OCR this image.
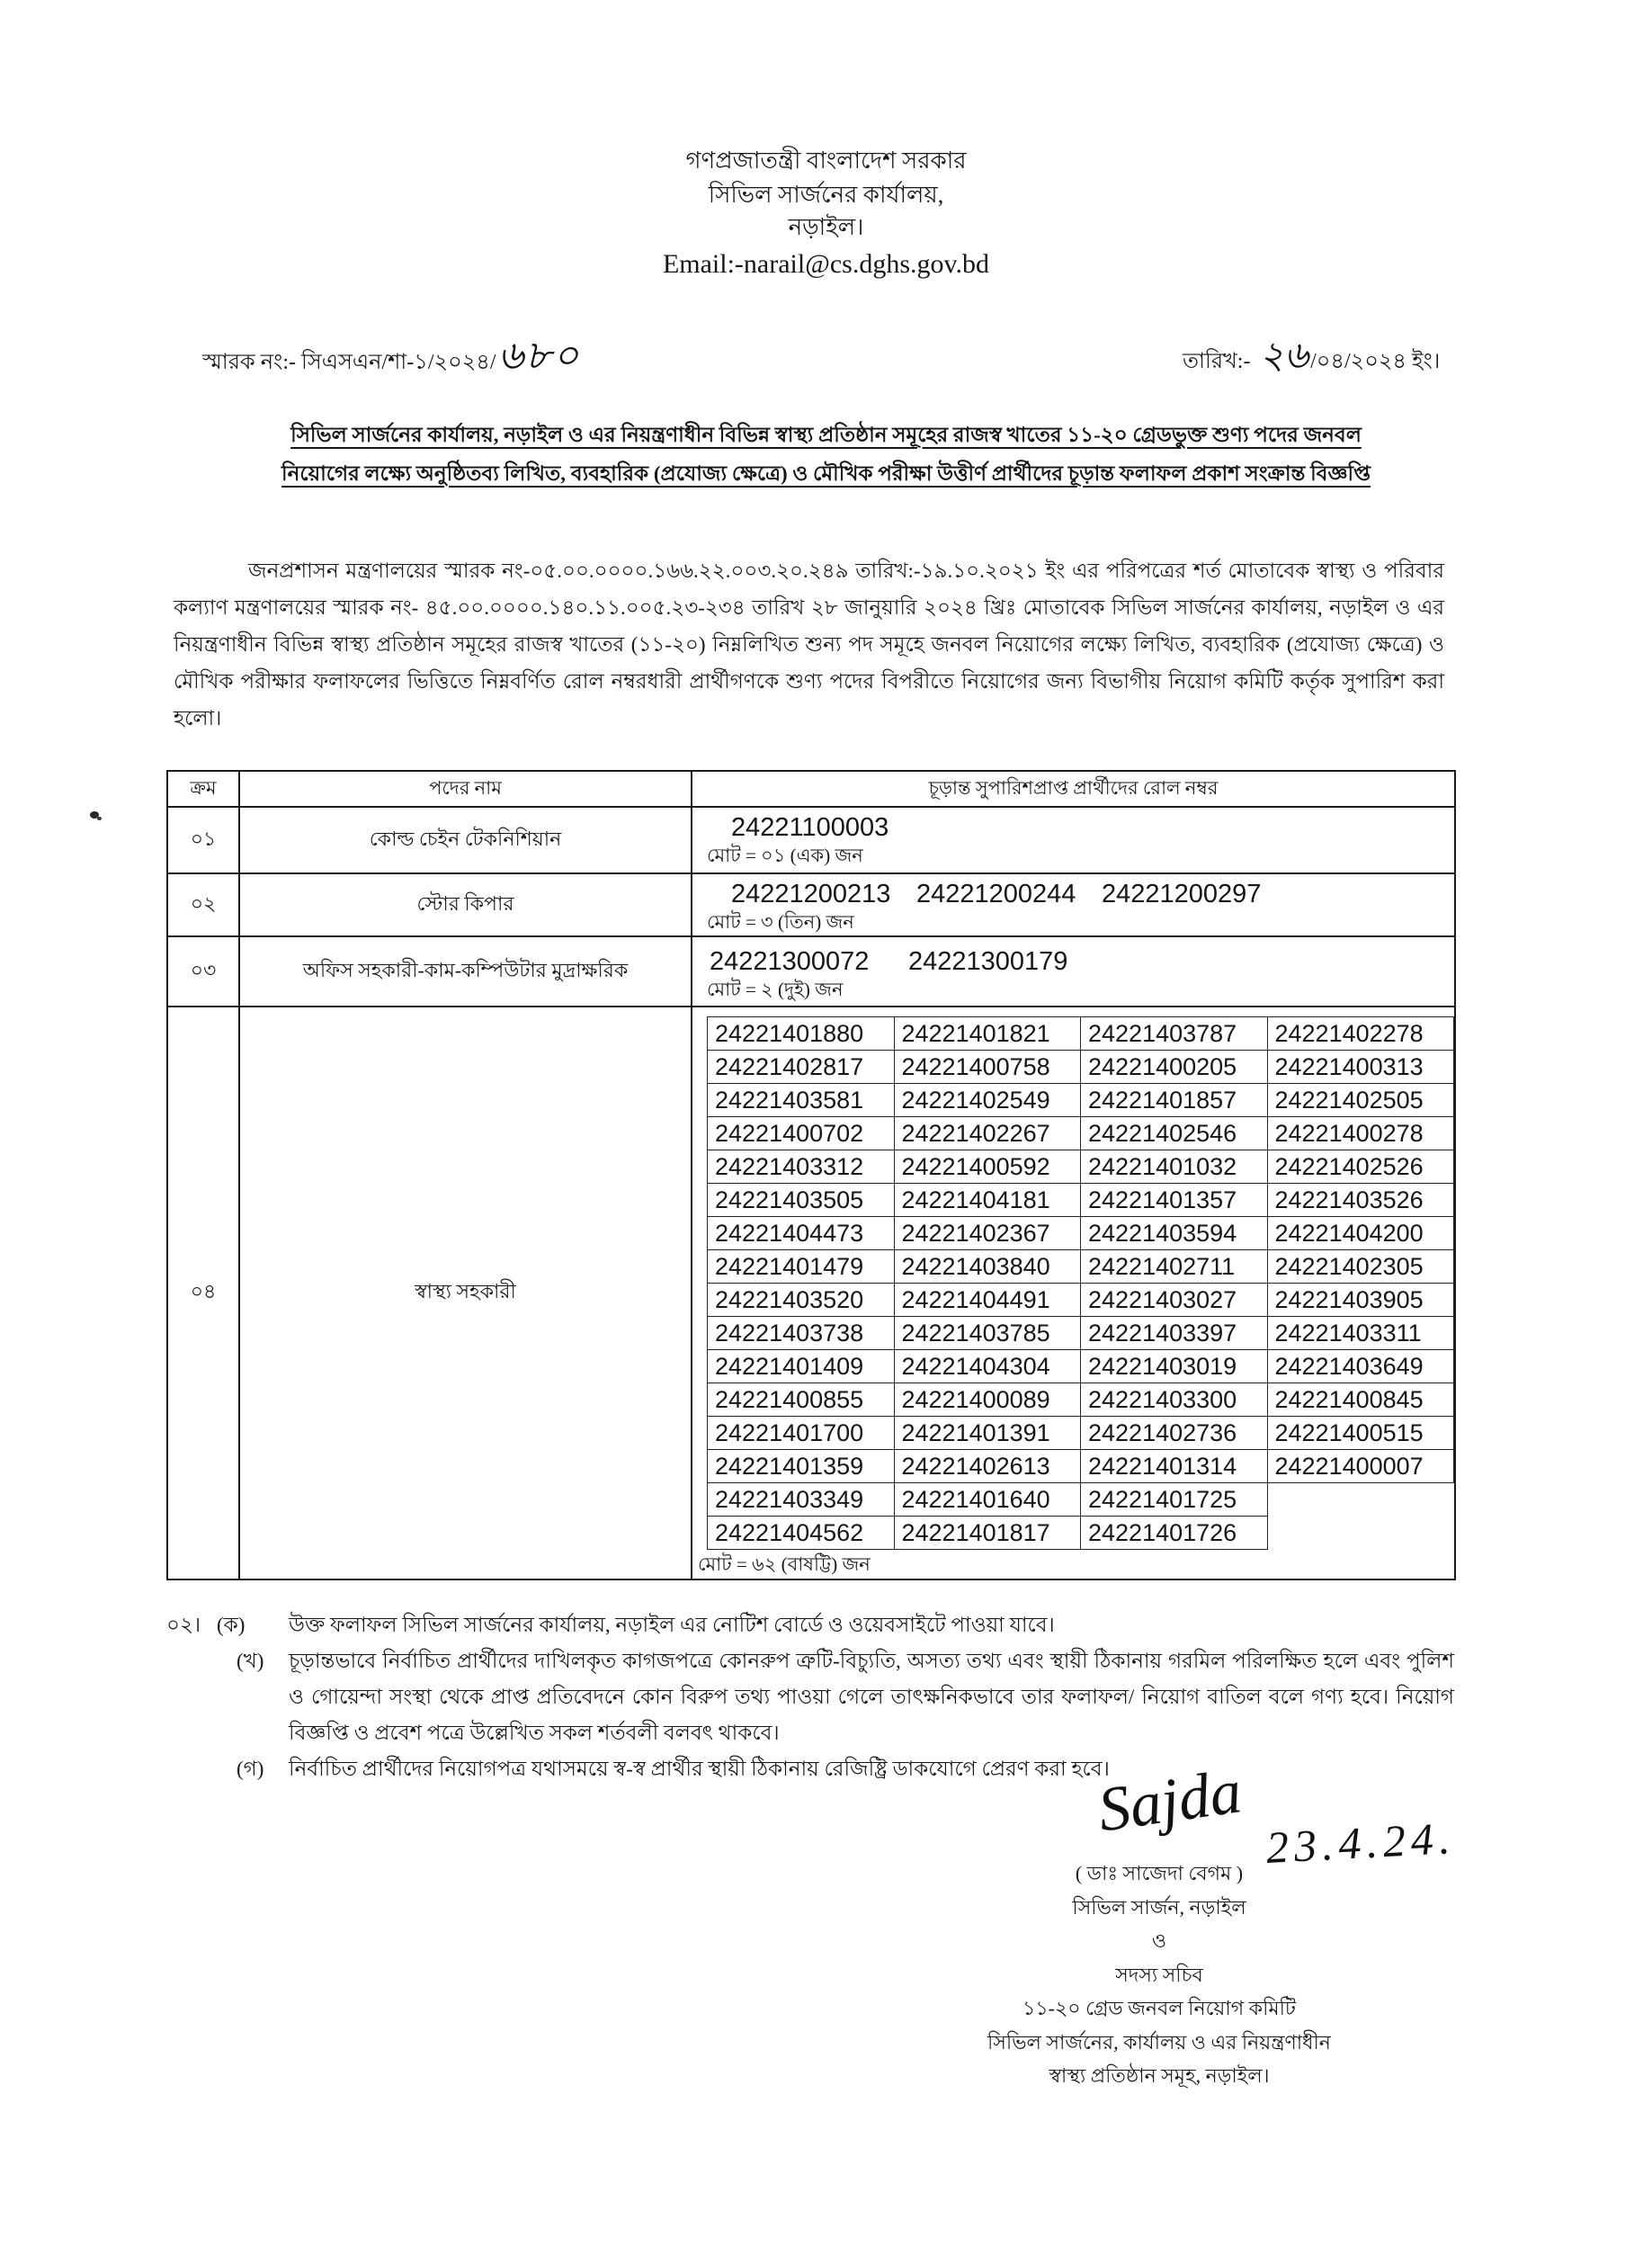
গণপ্রজাতন্ত্রী বাংলাদেশ সরকার
সিভিল সার্জনের কার্যালয়,
নড়াইল।
Email:-narail@cs.dghs.gov.bd
স্মারক নং:- সিএসএন/শা-১/২০২৪/ ৬৮০	তারিখ:- ২৬ /০৪/২০২৪ ইং।
সিভিল সার্জনের কার্যালয়, নড়াইল ও এর নিয়ন্ত্রণাধীন বিভিন্ন স্বাস্থ্য প্রতিষ্ঠান সমূহের রাজস্ব খাতের ১১-২০ গ্রেডভুক্ত শুণ্য পদের জনবল
নিয়োগের লক্ষ্যে অনুষ্ঠিতব্য লিখিত, ব্যবহারিক (প্রযোজ্য ক্ষেত্রে) ও মৌখিক পরীক্ষা উত্তীর্ণ প্রার্থীদের চূড়ান্ত ফলাফল প্রকাশ সংক্রান্ত বিজ্ঞপ্তি
জনপ্রশাসন মন্ত্রণালয়ের স্মারক নং-০৫.০০.০০০০.১৬৬.২২.০০৩.২০.২৪৯ তারিখ:-১৯.১০.২০২১ ইং এর পরিপত্রের শর্ত মোতাবেক স্বাস্থ্য ও পরিবার কল্যাণ মন্ত্রণালয়ের স্মারক নং- ৪৫.০০.০০০০.১৪০.১১.০০৫.২৩-২৩৪ তারিখ ২৮ জানুয়ারি ২০২৪ খ্রিঃ মোতাবেক সিভিল সার্জনের কার্যালয়, নড়াইল ও এর নিয়ন্ত্রণাধীন বিভিন্ন স্বাস্থ্য প্রতিষ্ঠান সমূহের রাজস্ব খাতের (১১-২০) নিম্নলিখিত শুন্য পদ সমূহে জনবল নিয়োগের লক্ষ্যে লিখিত, ব্যবহারিক (প্রযোজ্য ক্ষেত্রে) ও মৌখিক পরীক্ষার ফলাফলের ভিত্তিতে নিম্নবর্ণিত রোল নম্বরধারী প্রার্থীগণকে শুণ্য পদের বিপরীতে নিয়োগের জন্য বিভাগীয় নিয়োগ কমিটি কর্তৃক সুপারিশ করা হলো।
ক্রম	পদের নাম	চূড়ান্ত সুপারিশপ্রাপ্ত প্রার্থীদের রোল নম্বর
০১	কোল্ড চেইন টেকনিশিয়ান	24221100003
মোট = ০১ (এক) জন

০২	স্টোর কিপার	24221200213 24221200244 24221200297
মোট = ৩ (তিন) জন

০৩	অফিস সহকারী-কাম-কম্পিউটার মুদ্রাক্ষরিক	24221300072 24221300179
মোট = ২ (দুই) জন

০৪	স্বাস্থ্য সহকারী	
24221401880	24221401821	24221403787	24221402278
24221402817	24221400758	24221400205	24221400313
24221403581	24221402549	24221401857	24221402505
24221400702	24221402267	24221402546	24221400278
24221403312	24221400592	24221401032	24221402526
24221403505	24221404181	24221401357	24221403526
24221404473	24221402367	24221403594	24221404200
24221401479	24221403840	24221402711	24221402305
24221403520	24221404491	24221403027	24221403905
24221403738	24221403785	24221403397	24221403311
24221401409	24221404304	24221403019	24221403649
24221400855	24221400089	24221403300	24221400845
24221401700	24221401391	24221402736	24221400515
24221401359	24221402613	24221401314	24221400007
24221403349	24221401640	24221401725	
24221404562	24221401817	24221401726	
মোট = ৬২ (বাষট্টি) জন
০২। (ক)	উক্ত ফলাফল সিভিল সার্জনের কার্যালয়, নড়াইল এর নোটিশ বোর্ডে ও ওয়েবসাইটে পাওয়া যাবে।
(খ)	চূড়ান্তভাবে নির্বাচিত প্রার্থীদের দাখিলকৃত কাগজপত্রে কোনরুপ ত্রুটি-বিচ্যুতি, অসত্য তথ্য এবং স্থায়ী ঠিকানায় গরমিল পরিলক্ষিত হলে এবং পুলিশ ও গোয়েন্দা সংস্থা থেকে প্রাপ্ত প্রতিবেদনে কোন বিরুপ তথ্য পাওয়া গেলে তাৎক্ষনিকভাবে তার ফলাফল/ নিয়োগ বাতিল বলে গণ্য হবে। নিয়োগ বিজ্ঞপ্তি ও প্রবেশ পত্রে উল্লেখিত সকল শর্তবলী বলবৎ থাকবে।
(গ)	নির্বাচিত প্রার্থীদের নিয়োগপত্র যথাসময়ে স্ব-স্ব প্রার্থীর স্থায়ী ঠিকানায় রেজিষ্ট্রি ডাকযোগে প্রেরণ করা হবে।
Sajda 23.4.24.
( ডাঃ সাজেদা বেগম )
সিভিল সার্জন, নড়াইল
ও
সদস্য সচিব
১১-২০ গ্রেড জনবল নিয়োগ কমিটি
সিভিল সার্জনের, কার্যালয় ও এর নিয়ন্ত্রণাধীন
স্বাস্থ্য প্রতিষ্ঠান সমূহ, নড়াইল।
